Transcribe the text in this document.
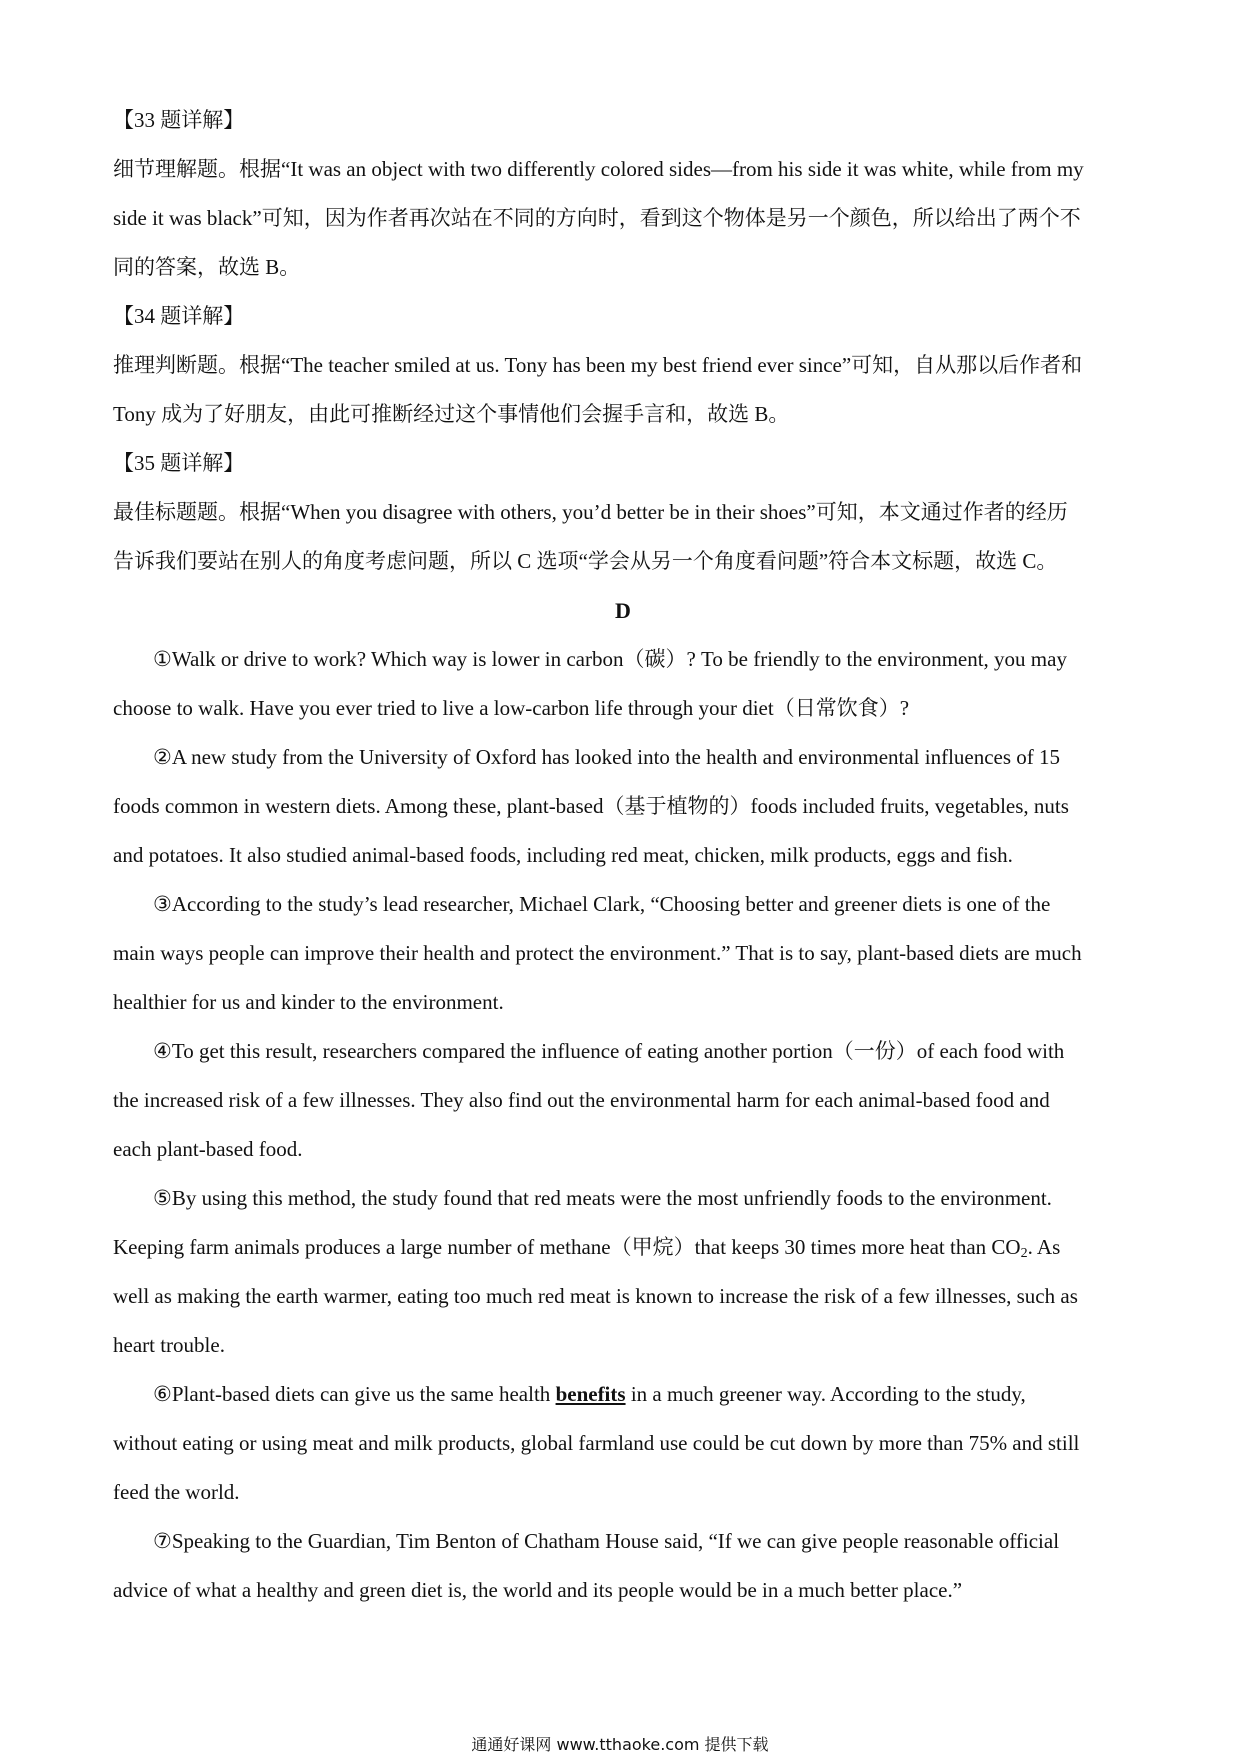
【33 题详解】

细节理解题。根据“It was an object with two differently colored sides—from his side it was white, while from my

side it was black”可知，因为作者再次站在不同的方向时，看到这个物体是另一个颜色，所以给出了两个不

同的答案，故选 B。

【34 题详解】

推理判断题。根据“The teacher smiled at us. Tony has been my best friend ever since”可知，自从那以后作者和

Tony 成为了好朋友，由此可推断经过这个事情他们会握手言和，故选 B。

【35 题详解】

最佳标题题。根据“When you disagree with others, you’d better be in their shoes”可知，本文通过作者的经历

告诉我们要站在别人的角度考虑问题，所以 C 选项“学会从另一个角度看问题”符合本文标题，故选 C。

D

①Walk or drive to work? Which way is lower in carbon（碳）? To be friendly to the environment, you may

choose to walk. Have you ever tried to live a low-carbon life through your diet（日常饮食）?

②A new study from the University of Oxford has looked into the health and environmental influences of 15

foods common in western diets. Among these, plant-based（基于植物的）foods included fruits, vegetables, nuts

and potatoes. It also studied animal-based foods, including red meat, chicken, milk products, eggs and fish.

③According to the study’s lead researcher, Michael Clark, “Choosing better and greener diets is one of the

main ways people can improve their health and protect the environment.” That is to say, plant-based diets are much

healthier for us and kinder to the environment.

④To get this result, researchers compared the influence of eating another portion（一份）of each food with

the increased risk of a few illnesses. They also find out the environmental harm for each animal-based food and

each plant-based food.

⑤By using this method, the study found that red meats were the most unfriendly foods to the environment.

Keeping farm animals produces a large number of methane（甲烷）that keeps 30 times more heat than $CO_2$. As

well as making the earth warmer, eating too much red meat is known to increase the risk of a few illnesses, such as

heart trouble.

⑥Plant-based diets can give us the same health benefits in a much greener way. According to the study,

without eating or using meat and milk products, global farmland use could be cut down by more than 75% and still

feed the world.

⑦Speaking to the Guardian, Tim Benton of Chatham House said, “If we can give people reasonable official

advice of what a healthy and green diet is, the world and its people would be in a much better place.”

通通好课网 www.tthaoke.com 提供下载
